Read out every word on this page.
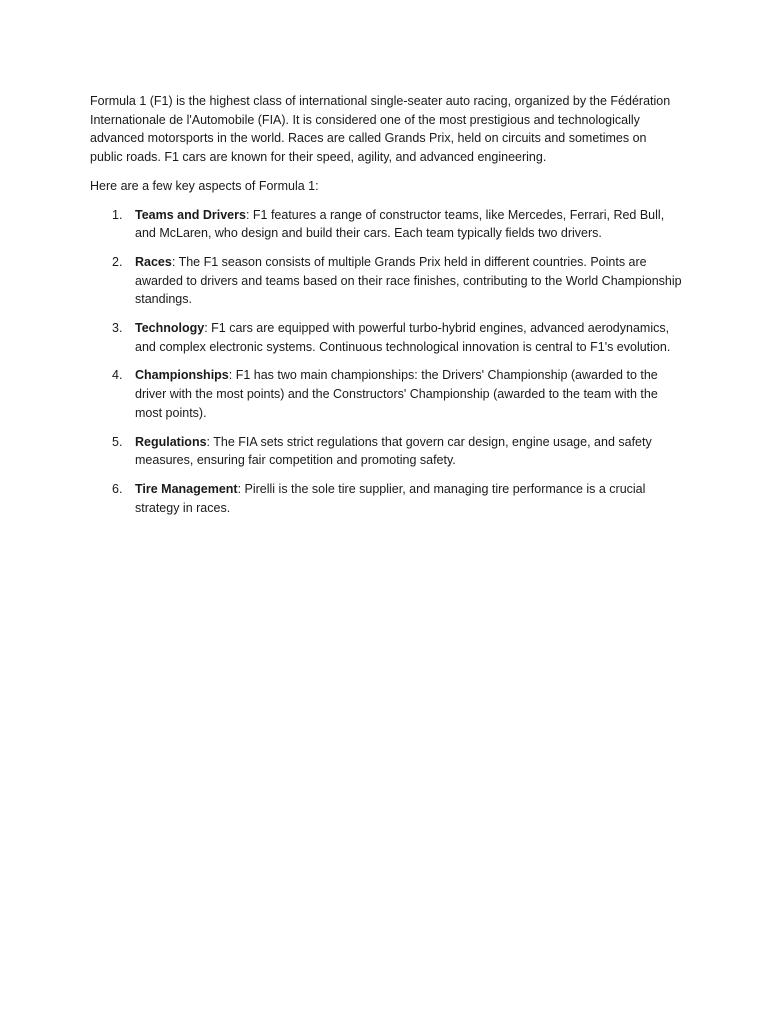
Formula 1 (F1) is the highest class of international single-seater auto racing, organized by the Fédération Internationale de l'Automobile (FIA). It is considered one of the most prestigious and technologically advanced motorsports in the world. Races are called Grands Prix, held on circuits and sometimes on public roads. F1 cars are known for their speed, agility, and advanced engineering.

Here are a few key aspects of Formula 1:

1. Teams and Drivers: F1 features a range of constructor teams, like Mercedes, Ferrari, Red Bull, and McLaren, who design and build their cars. Each team typically fields two drivers.
2. Races: The F1 season consists of multiple Grands Prix held in different countries. Points are awarded to drivers and teams based on their race finishes, contributing to the World Championship standings.
3. Technology: F1 cars are equipped with powerful turbo-hybrid engines, advanced aerodynamics, and complex electronic systems. Continuous technological innovation is central to F1's evolution.
4. Championships: F1 has two main championships: the Drivers' Championship (awarded to the driver with the most points) and the Constructors' Championship (awarded to the team with the most points).
5. Regulations: The FIA sets strict regulations that govern car design, engine usage, and safety measures, ensuring fair competition and promoting safety.
6. Tire Management: Pirelli is the sole tire supplier, and managing tire performance is a crucial strategy in races.
